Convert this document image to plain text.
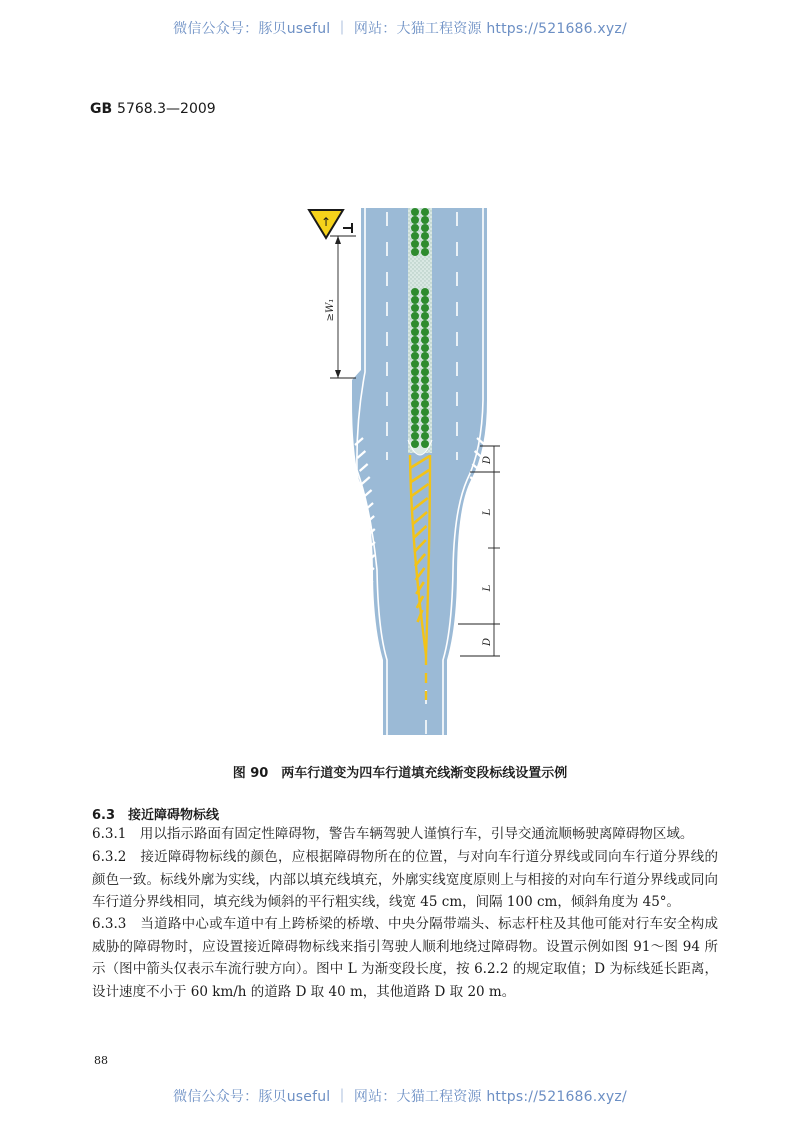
微信公众号：豚贝useful ｜ 网站：大猫工程资源 https://521686.xyz/
GB 5768.3—2009
↑
≥W₁
D
L
L
D
图 90　两车行道变为四车行道填充线渐变段标线设置示例
6.3　接近障碍物标线
6.3.1　用以指示路面有固定性障碍物，警告车辆驾驶人谨慎行车，引导交通流顺畅驶离障碍物区域。
6.3.2　接近障碍物标线的颜色，应根据障碍物所在的位置，与对向车行道分界线或同向车行道分界线的颜色一致。标线外廓为实线，内部以填充线填充，外廓实线宽度原则上与相接的对向车行道分界线或同向车行道分界线相同，填充线为倾斜的平行粗实线，线宽 45 cm，间隔 100 cm，倾斜角度为 45°。
6.3.3　当道路中心或车道中有上跨桥梁的桥墩、中央分隔带端头、标志杆柱及其他可能对行车安全构成威胁的障碍物时，应设置接近障碍物标线来指引驾驶人顺利地绕过障碍物。设置示例如图 91～图 94 所示（图中箭头仅表示车流行驶方向）。图中 L 为渐变段长度，按 6.2.2 的规定取值；D 为标线延长距离，设计速度不小于 60 km/h 的道路 D 取 40 m，其他道路 D 取 20 m。
88
微信公众号：豚贝useful ｜ 网站：大猫工程资源 https://521686.xyz/
